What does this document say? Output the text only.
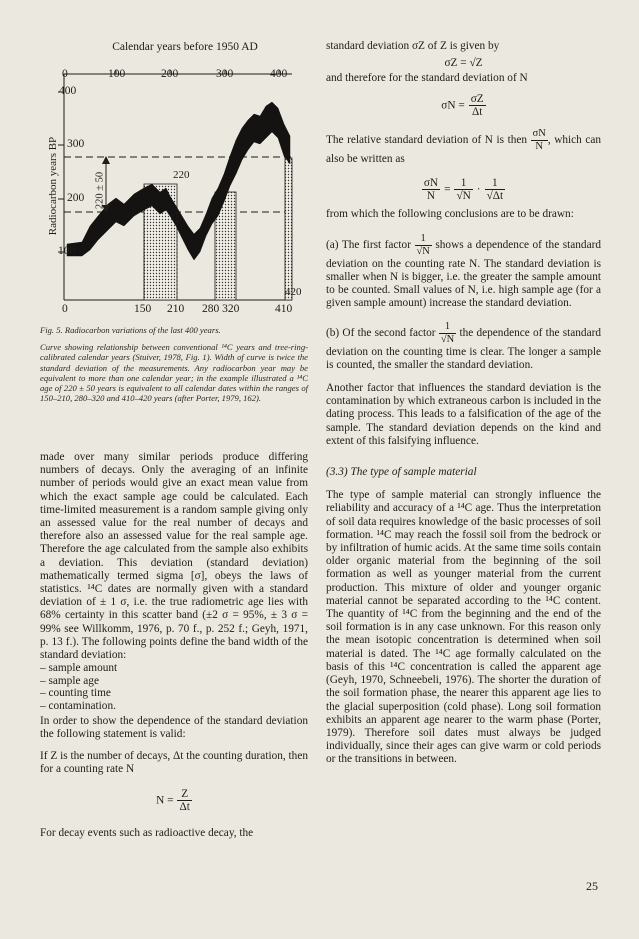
Calendar years before 1950 AD
0	100	200	300	400
400
300
200
100
Radiocarbon years BP	220 ± 50	220
420
0	150 210 280 320	410

Fig. 5. Radiocarbon variations of the last 400 years.

Curve showing relationship between conventional ¹⁴C years and tree-ring-calibrated calendar years (Stuiver, 1978, Fig. 1). Width of curve is twice the standard deviation of the measurements. Any radiocarbon year may be equivalent to more than one calendar year; in the example illustrated a ¹⁴C age of 220 ± 50 years is equivalent to all calendar dates within the ranges of 150–210, 280–320 and 410–420 years (after Porter, 1979, 162).

made over many similar periods produce differing numbers of decays. Only the averaging of an infinite number of periods would give an exact mean value from which the exact sample age could be calculated. Each time-limited measurement is a random sample giving only an assessed value for the real number of decays and therefore also an assessed value for the real sample age. Therefore the age calculated from the sample also exhibits a deviation. This deviation (standard deviation) mathematically termed sigma [σ], obeys the laws of statistics. ¹⁴C dates are normally given with a standard deviation of ± 1 σ, i.e. the true radiometric age lies with 68% certainty in this scatter band (±2 σ = 95%, ± 3 σ = 99% see Willkomm, 1976, p. 70 f., p. 252 f.; Geyh, 1971, p. 13 f.). The following points define the band width of the standard deviation:

– sample amount
– sample age
– counting time
– contamination.

In order to show the dependence of the standard deviation the following statement is valid:

If Z is the number of decays, Δt the counting duration, then for a counting rate N

$N = \frac{Z}{\Delta t}$

For decay events such as radioactive decay, the

standard deviation σZ of Z is given by

σZ = √Z

and therefore for the standard deviation of N

$\sigma N = \frac{\sigma Z}{\Delta t}$

The relative standard deviation of N is then $\frac{\sigma N}{N}$ , which can also be written as

$\frac{\sigma N}{N} = \frac{1}{√N} \cdot \frac{1}{√\Delta t}$

from which the following conclusions are to be drawn:

(a) The first factor $\frac{1}{√N}$ shows a dependence of the standard deviation on the counting rate N. The standard deviation is smaller when N is bigger, i.e. the greater the sample amount to be counted. Small values of N, i.e. high sample age (for a given sample amount) increase the standard deviation.

(b) Of the second factor $\frac{1}{√N}$ the dependence of the standard deviation on the counting time is clear. The longer a sample is counted, the smaller the standard deviation.

Another factor that influences the standard deviation is the contamination by which extraneous carbon is included in the dating process. This leads to a falsification of the age of the sample. The standard deviation depends on the kind and extent of this falsifying influence.

(3.3) The type of sample material

The type of sample material can strongly influence the reliability and accuracy of a ¹⁴C age. Thus the interpretation of soil data requires knowledge of the basic processes of soil formation. ¹⁴C may reach the fossil soil from the bedrock or by infiltration of humic acids. At the same time soils contain older organic material from the beginning of the soil formation as well as younger material from the current production. This mixture of older and younger organic material cannot be separated according to the ¹⁴C content. The quantity of ¹⁴C from the beginning and the end of the soil formation is in any case unknown. For this reason only the mean isotopic concentration is determined when soil material is dated. The ¹⁴C age formally calculated on the basis of this ¹⁴C concentration is called the apparent age (Geyh, 1970, Schneebeli, 1976). The shorter the duration of the soil formation phase, the nearer this apparent age lies to the glacial superposition (cold phase). Long soil formation exhibits an apparent age nearer to the warm phase (Porter, 1979). Therefore soil dates must always be judged individually, since their ages can give warm or cold periods or the transitions in between.

25
